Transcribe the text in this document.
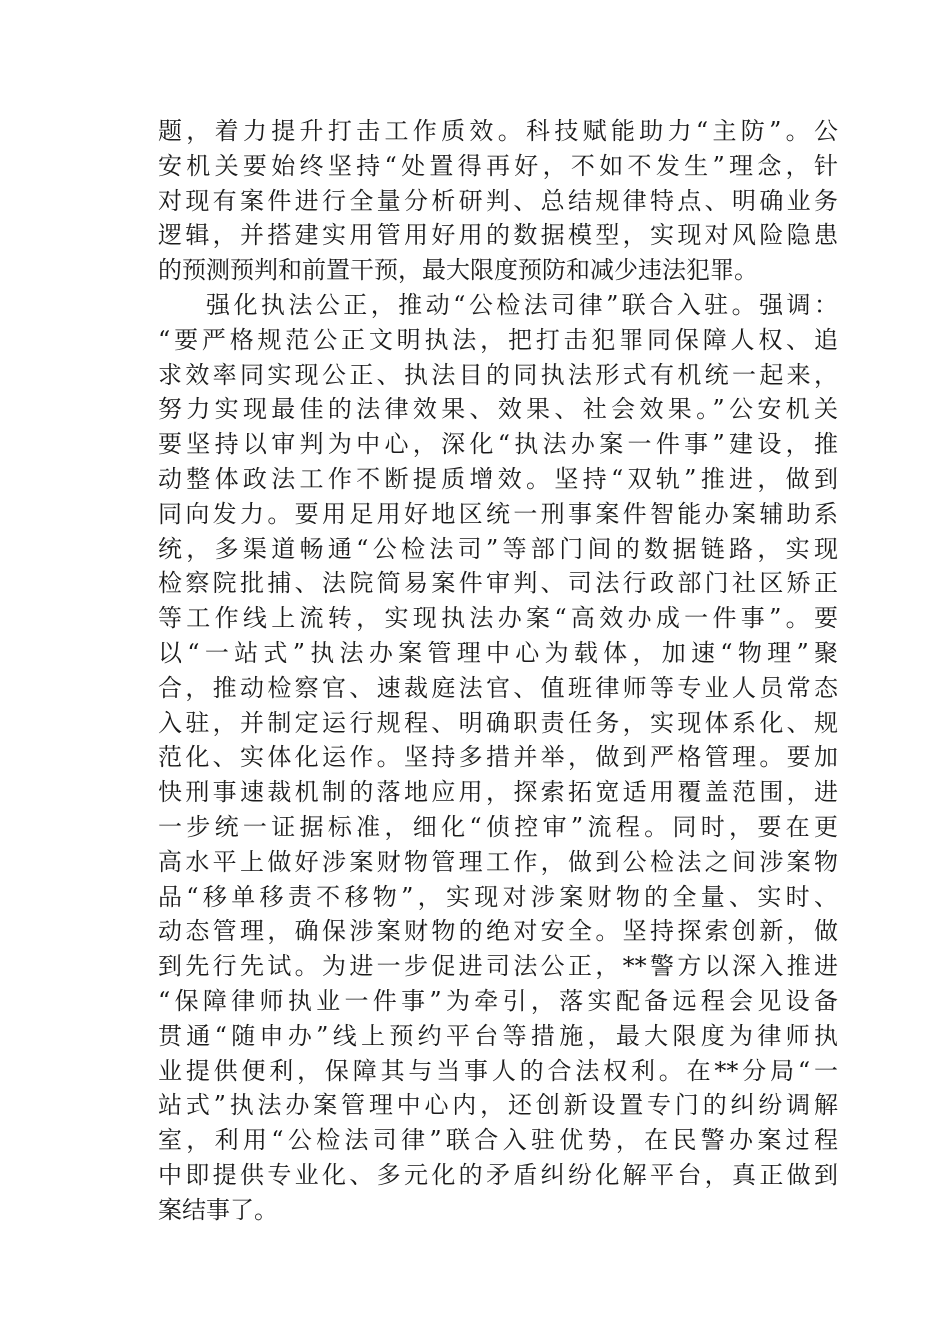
题，着力提升打击工作质效。科技赋能助力“主防”。公
安机关要始终坚持“处置得再好，不如不发生”理念，针
对现有案件进行全量分析研判、总结规律特点、明确业务
逻辑，并搭建实用管用好用的数据模型，实现对风险隐患
的预测预判和前置干预，最大限度预防和减少违法犯罪。
强化执法公正，推动“公检法司律”联合入驻。强调：
“要严格规范公正文明执法，把打击犯罪同保障人权、追
求效率同实现公正、执法目的同执法形式有机统一起来，
努力实现最佳的法律效果、效果、社会效果。”公安机关
要坚持以审判为中心，深化“执法办案一件事”建设，推
动整体政法工作不断提质增效。坚持“双轨”推进，做到
同向发力。要用足用好地区统一刑事案件智能办案辅助系
统，多渠道畅通“公检法司”等部门间的数据链路，实现
检察院批捕、法院简易案件审判、司法行政部门社区矫正
等工作线上流转，实现执法办案“高效办成一件事”。要
以“一站式”执法办案管理中心为载体，加速“物理”聚
合，推动检察官、速裁庭法官、值班律师等专业人员常态
入驻，并制定运行规程、明确职责任务，实现体系化、规
范化、实体化运作。坚持多措并举，做到严格管理。要加
快刑事速裁机制的落地应用，探索拓宽适用覆盖范围，进
一步统一证据标准，细化“侦控审”流程。同时，要在更
高水平上做好涉案财物管理工作，做到公检法之间涉案物
品“移单移责不移物”，实现对涉案财物的全量、实时、
动态管理，确保涉案财物的绝对安全。坚持探索创新，做
到先行先试。为进一步促进司法公正，**警方以深入推进
“保障律师执业一件事”为牵引，落实配备远程会见设备
贯通“随申办”线上预约平台等措施，最大限度为律师执
业提供便利，保障其与当事人的合法权利。在**分局“一
站式”执法办案管理中心内，还创新设置专门的纠纷调解
室，利用“公检法司律”联合入驻优势，在民警办案过程
中即提供专业化、多元化的矛盾纠纷化解平台，真正做到
案结事了。
